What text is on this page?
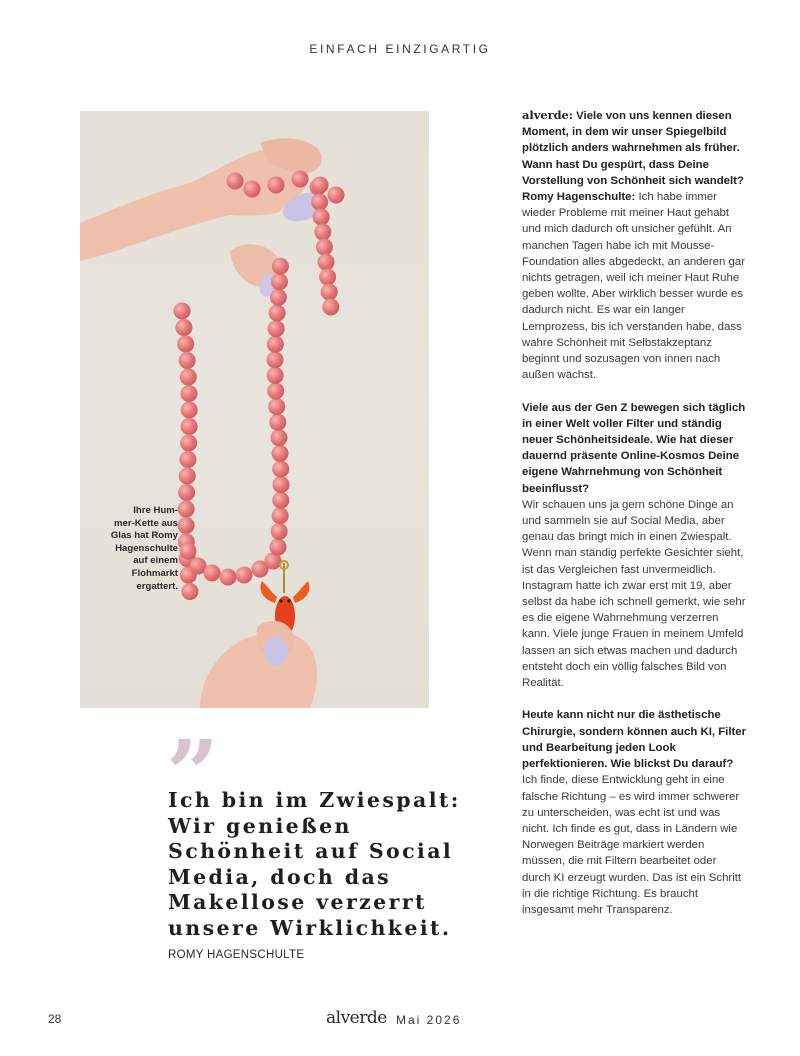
EINFACH EINZIGARTIG
Ihre Hum-
mer-Kette aus
Glas hat Romy
Hagenschulte
auf einem
Flohmarkt
ergattert.
”
Ich bin im Zwiespalt:
Wir genießen
Schönheit auf Social
Media, doch das
Makellose verzerrt
unsere Wirklichkeit.
ROMY HAGENSCHULTE

alverde: Viele von uns kennen diesen Moment, in dem wir unser Spiegelbild plötzlich anders wahrnehmen als früher. Wann hast Du gespürt, dass Deine Vorstellung von Schönheit sich wandelt?

Romy Hagenschulte: Ich habe immer wieder Probleme mit meiner Haut gehabt und mich dadurch oft unsicher gefühlt. An manchen Tagen habe ich mit Mousse-Foundation alles abgedeckt, an anderen gar nichts getragen, weil ich meiner Haut Ruhe geben wollte. Aber wirklich besser wurde es dadurch nicht. Es war ein langer Lernprozess, bis ich verstanden habe, dass wahre Schönheit mit Selbstakzeptanz beginnt und sozusagen von innen nach außen wächst.

Viele aus der Gen Z bewegen sich täglich in einer Welt voller Filter und ständig neuer Schönheitsideale. Wie hat dieser dauernd präsente Online-Kosmos Deine eigene Wahrnehmung von Schönheit beeinflusst?

Wir schauen uns ja gern schöne Dinge an und sammeln sie auf Social Media, aber genau das bringt mich in einen Zwiespalt. Wenn man ständig perfekte Gesichter sieht, ist das Vergleichen fast unvermeidlich. Instagram hatte ich zwar erst mit 19, aber selbst da habe ich schnell gemerkt, wie sehr es die eigene Wahrnehmung verzerren kann. Viele junge Frauen in meinem Umfeld lassen an sich etwas machen und dadurch entsteht doch ein völlig falsches Bild von Realität.

Heute kann nicht nur die ästhetische Chirurgie, sondern können auch KI, Filter und Bearbeitung jeden Look perfektionieren. Wie blickst Du darauf?

Ich finde, diese Entwicklung geht in eine falsche Richtung – es wird immer schwerer zu unterscheiden, was echt ist und was nicht. Ich finde es gut, dass in Ländern wie Norwegen Beiträge markiert werden müssen, die mit Filtern bearbeitet oder durch KI erzeugt wurden. Das ist ein Schritt in die richtige Richtung. Es braucht insgesamt mehr Transparenz.

28	alverde Mai 2026
